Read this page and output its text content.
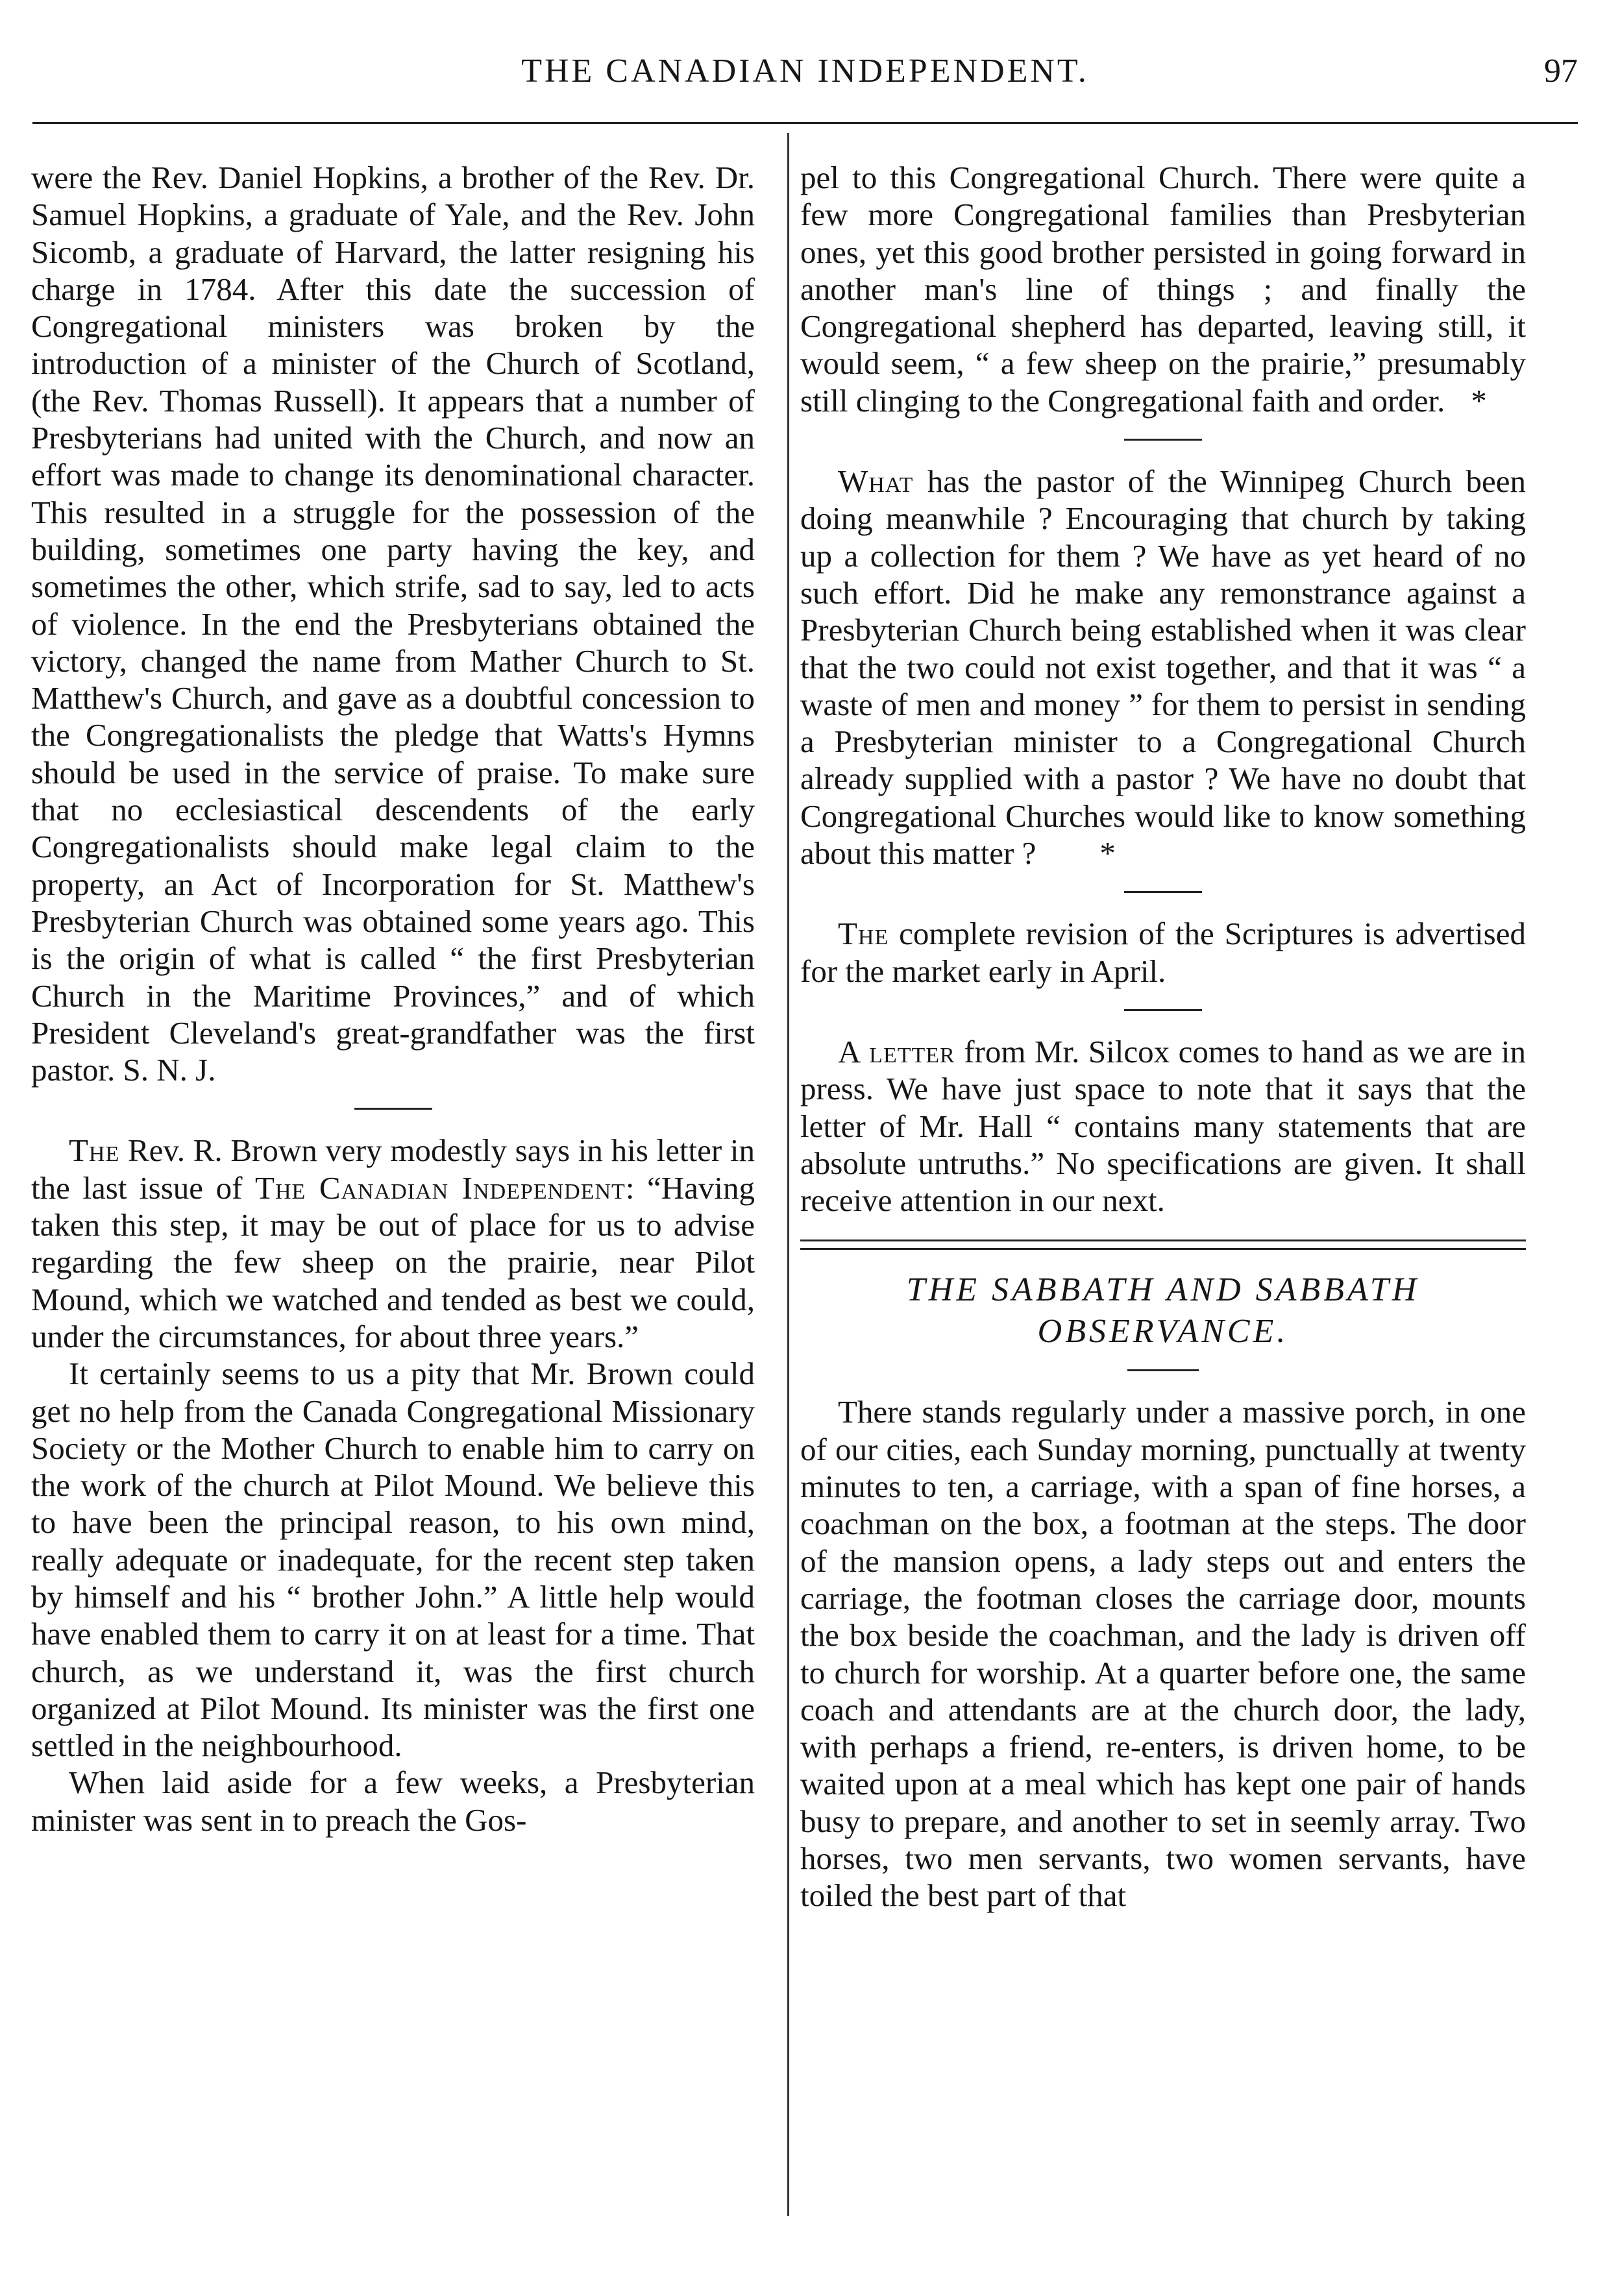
THE CANADIAN INDEPENDENT.	97

were the Rev. Daniel Hopkins, a brother of the Rev. Dr. Samuel Hopkins, a graduate of Yale, and the Rev. John Sicomb, a graduate of Harvard, the latter resigning his charge in 1784. After this date the succession of Congregational ministers was broken by the introduction of a minister of the Church of Scotland, (the Rev. Thomas Russell). It appears that a number of Presbyterians had united with the Church, and now an effort was made to change its denominational character. This resulted in a struggle for the possession of the building, sometimes one party having the key, and sometimes the other, which strife, sad to say, led to acts of violence. In the end the Presbyterians obtained the victory, changed the name from Mather Church to St. Matthew's Church, and gave as a doubtful concession to the Congregationalists the pledge that Watts's Hymns should be used in the service of praise. To make sure that no ecclesiastical descendents of the early Congregationalists should make legal claim to the property, an Act of Incorporation for St. Matthew's Presbyterian Church was obtained some years ago. This is the origin of what is called “ the first Presbyterian Church in the Maritime Provinces,” and of which President Cleveland's great-grandfather was the first pastor. S. N. J.

The Rev. R. Brown very modestly says in his letter in the last issue of The Canadian Independent: “Having taken this step, it may be out of place for us to advise regarding the few sheep on the prairie, near Pilot Mound, which we watched and tended as best we could, under the circumstances, for about three years.”

It certainly seems to us a pity that Mr. Brown could get no help from the Canada Congregational Missionary Society or the Mother Church to enable him to carry on the work of the church at Pilot Mound. We believe this to have been the principal reason, to his own mind, really adequate or inadequate, for the recent step taken by himself and his “ brother John.” A little help would have enabled them to carry it on at least for a time. That church, as we understand it, was the first church organized at Pilot Mound. Its minister was the first one settled in the neighbourhood.

When laid aside for a few weeks, a Presbyterian minister was sent in to preach the Gos-

pel to this Congregational Church. There were quite a few more Congregational families than Presbyterian ones, yet this good brother persisted in going forward in another man's line of things ; and finally the Congregational shepherd has departed, leaving still, it would seem, “ a few sheep on the prairie,” presumably still clinging to the Congregational faith and order. *

What has the pastor of the Winnipeg Church been doing meanwhile ? Encouraging that church by taking up a collection for them ? We have as yet heard of no such effort. Did he make any remonstrance against a Presbyterian Church being established when it was clear that the two could not exist together, and that it was “ a waste of men and money ” for them to persist in sending a Presbyterian minister to a Congregational Church already supplied with a pastor ? We have no doubt that Congregational Churches would like to know something about this matter ? *

The complete revision of the Scriptures is advertised for the market early in April.

A letter from Mr. Silcox comes to hand as we are in press. We have just space to note that it says that the letter of Mr. Hall “ contains many statements that are absolute untruths.” No specifications are given. It shall receive attention in our next.

THE SABBATH AND SABBATH
OBSERVANCE.

There stands regularly under a massive porch, in one of our cities, each Sunday morning, punctually at twenty minutes to ten, a carriage, with a span of fine horses, a coachman on the box, a footman at the steps. The door of the mansion opens, a lady steps out and enters the carriage, the footman closes the carriage door, mounts the box beside the coachman, and the lady is driven off to church for worship. At a quarter before one, the same coach and attendants are at the church door, the lady, with perhaps a friend, re-enters, is driven home, to be waited upon at a meal which has kept one pair of hands busy to prepare, and another to set in seemly array. Two horses, two men servants, two women servants, have toiled the best part of that
